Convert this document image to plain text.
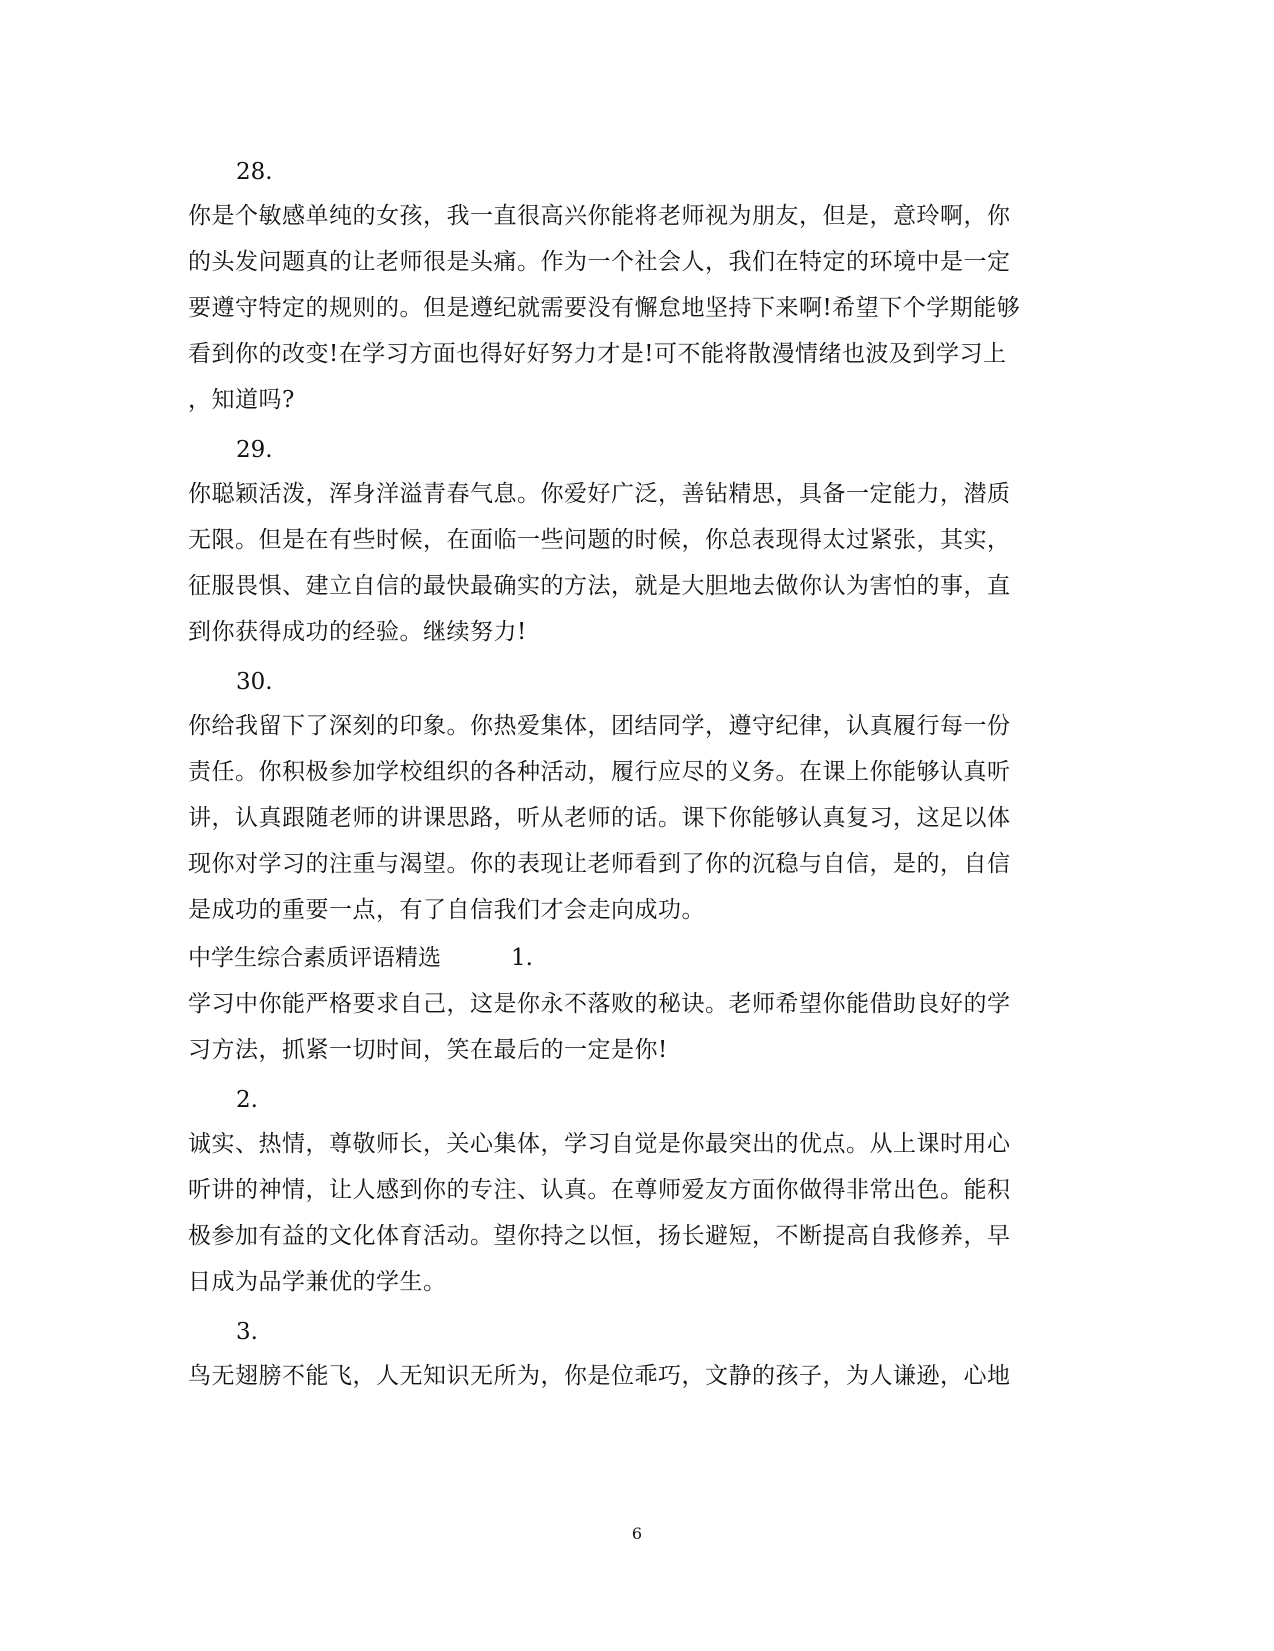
28.
你是个敏感单纯的女孩，我一直很高兴你能将老师视为朋友，但是，意玲啊，你
的头发问题真的让老师很是头痛。作为一个社会人，我们在特定的环境中是一定
要遵守特定的规则的。但是遵纪就需要没有懈怠地坚持下来啊!希望下个学期能够
看到你的改变!在学习方面也得好好努力才是!可不能将散漫情绪也波及到学习上
，知道吗?
29.
你聪颖活泼，浑身洋溢青春气息。你爱好广泛，善钻精思，具备一定能力，潜质
无限。但是在有些时候，在面临一些问题的时候，你总表现得太过紧张，其实，
征服畏惧、建立自信的最快最确实的方法，就是大胆地去做你认为害怕的事，直
到你获得成功的经验。继续努力!
30.
你给我留下了深刻的印象。你热爱集体，团结同学，遵守纪律，认真履行每一份
责任。你积极参加学校组织的各种活动，履行应尽的义务。在课上你能够认真听
讲，认真跟随老师的讲课思路，听从老师的话。课下你能够认真复习，这足以体
现你对学习的注重与渴望。你的表现让老师看到了你的沉稳与自信，是的，自信
是成功的重要一点，有了自信我们才会走向成功。
中学生综合素质评语精选	1.
学习中你能严格要求自己，这是你永不落败的秘诀。老师希望你能借助良好的学
习方法，抓紧一切时间，笑在最后的一定是你!
2.
诚实、热情，尊敬师长，关心集体，学习自觉是你最突出的优点。从上课时用心
听讲的神情，让人感到你的专注、认真。在尊师爱友方面你做得非常出色。能积
极参加有益的文化体育活动。望你持之以恒，扬长避短，不断提高自我修养，早
日成为品学兼优的学生。
3.
鸟无翅膀不能飞，人无知识无所为，你是位乖巧，文静的孩子，为人谦逊，心地
6
